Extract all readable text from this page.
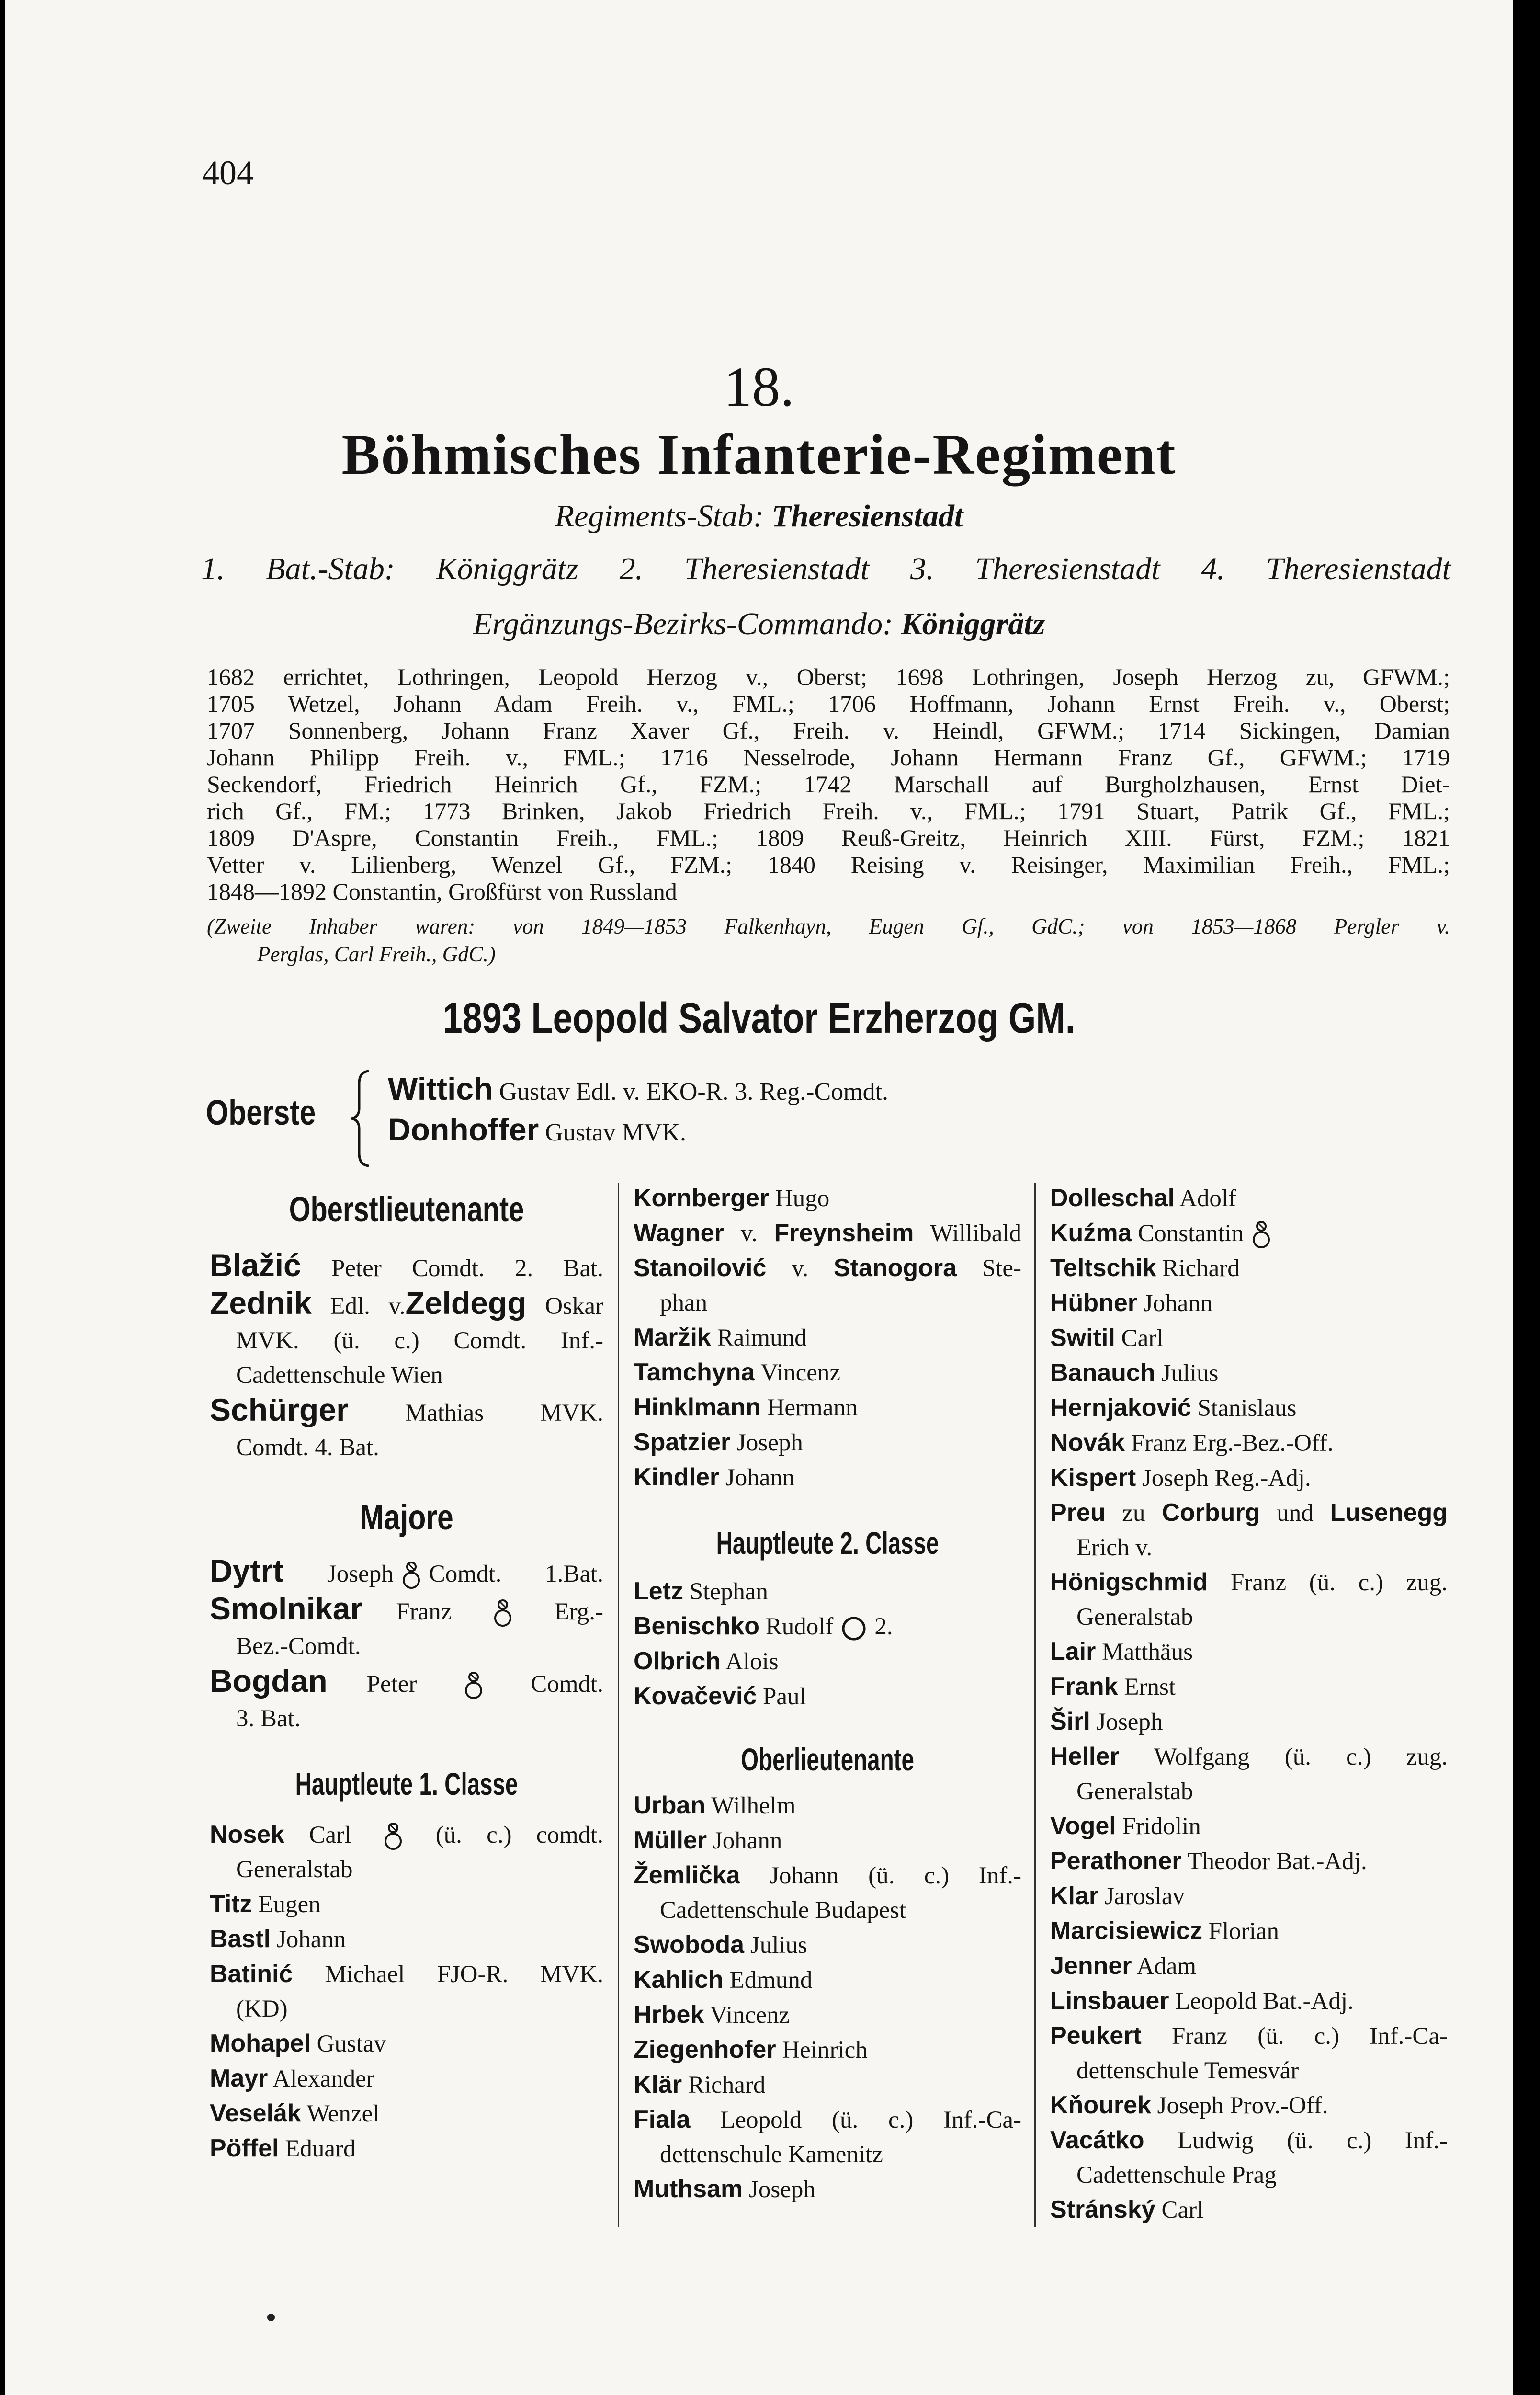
404
18.
Böhmisches Infanterie-Regiment
Regiments-Stab: Theresienstadt
1. Bat.-Stab: Königgrätz 2. Theresienstadt 3. Theresienstadt 4. Theresienstadt
Ergänzungs-Bezirks-Commando: Königgrätz
1682 errichtet, Lothringen, Leopold Herzog v., Oberst; 1698 Lothringen, Joseph Herzog zu, GFWM.;
1705 Wetzel, Johann Adam Freih. v., FML.; 1706 Hoffmann, Johann Ernst Freih. v., Oberst;
1707 Sonnenberg, Johann Franz Xaver Gf., Freih. v. Heindl, GFWM.; 1714 Sickingen, Damian
Johann Philipp Freih. v., FML.; 1716 Nesselrode, Johann Hermann Franz Gf., GFWM.; 1719
Seckendorf, Friedrich Heinrich Gf., FZM.; 1742 Marschall auf Burgholzhausen, Ernst Diet-
rich Gf., FM.; 1773 Brinken, Jakob Friedrich Freih. v., FML.; 1791 Stuart, Patrik Gf., FML.;
1809 D'Aspre, Constantin Freih., FML.; 1809 Reuß-Greitz, Heinrich XIII. Fürst, FZM.; 1821
Vetter v. Lilienberg, Wenzel Gf., FZM.; 1840 Reising v. Reisinger, Maximilian Freih., FML.;
1848—1892 Constantin, Großfürst von Russland
(Zweite Inhaber waren: von 1849—1853 Falkenhayn, Eugen Gf., GdC.; von 1853—1868 Pergler v.
Perglas, Carl Freih., GdC.)
1893 Leopold Salvator Erzherzog GM.
Oberste
Wittich Gustav Edl. v. EKO-R. 3. Reg.-Comdt.
Donhoffer Gustav MVK.
Oberstlieutenante

Blažić Peter Comdt. 2. Bat.

Zednik Edl. v.Zeldegg Oskar

MVK. (ü. c.) Comdt. Inf.-

Cadettenschule Wien

Schürger Mathias MVK.

Comdt. 4. Bat.

Majore

Dytrt Joseph Comdt. 1.Bat.

Smolnikar Franz	Erg.-

Bez.-Comdt.

Bogdan Peter	Comdt.

3. Bat.

Hauptleute 1. Classe

Nosek Carl	(ü. c.) comdt.

Generalstab

Titz Eugen

Bastl Johann

Batinić Michael FJO-R. MVK.

(KD)

Mohapel Gustav

Mayr Alexander

Veselák Wenzel

Pöffel Eduard

Kornberger Hugo

Wagner v. Freynsheim Willibald

Stanoilović v. Stanogora Ste-

phan

Maržik Raimund

Tamchyna Vincenz

Hinklmann Hermann

Spatzier Joseph

Kindler Johann

Hauptleute 2. Classe

Letz Stephan

Benischko Rudolf 2.

Olbrich Alois

Kovačević Paul

Oberlieutenante

Urban Wilhelm

Müller Johann

Žemlička Johann (ü. c.) Inf.-

Cadettenschule Budapest

Swoboda Julius

Kahlich Edmund

Hrbek Vincenz

Ziegenhofer Heinrich

Klär Richard

Fiala Leopold (ü. c.) Inf.-Ca-

dettenschule Kamenitz

Muthsam Joseph

Dolleschal Adolf

Kuźma Constantin

Teltschik Richard

Hübner Johann

Switil Carl

Banauch Julius

Hernjaković Stanislaus

Novák Franz Erg.-Bez.-Off.

Kispert Joseph Reg.-Adj.

Preu zu Corburg und Lusenegg

Erich v.

Hönigschmid Franz (ü. c.) zug.

Generalstab

Lair Matthäus

Frank Ernst

Širl Joseph

Heller Wolfgang (ü. c.) zug.

Generalstab

Vogel Fridolin

Perathoner Theodor Bat.-Adj.

Klar Jaroslav

Marcisiewicz Florian

Jenner Adam

Linsbauer Leopold Bat.-Adj.

Peukert Franz (ü. c.) Inf.-Ca-

dettenschule Temesvár

Kňourek Joseph Prov.-Off.

Vacátko Ludwig (ü. c.) Inf.-

Cadettenschule Prag

Stránský Carl
